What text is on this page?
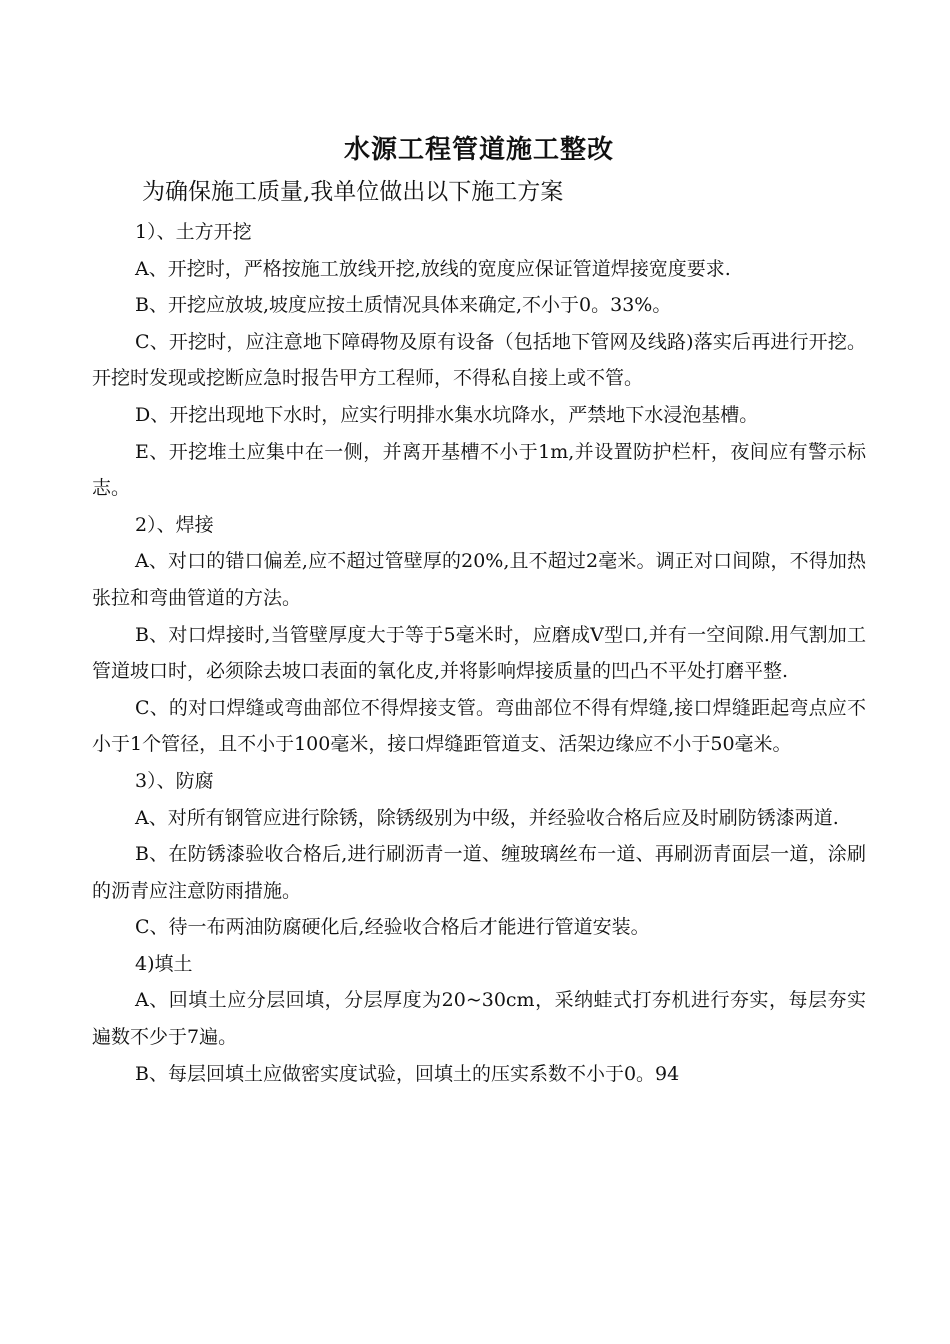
水源工程管道施工整改

为确保施工质量,我单位做出以下施工方案

1）、土方开挖

A、开挖时，严格按施工放线开挖,放线的宽度应保证管道焊接宽度要求.

B、开挖应放坡,坡度应按土质情况具体来确定,不小于0。33%。

C、开挖时，应注意地下障碍物及原有设备（包括地下管网及线路)落实后再进行开挖。开挖时发现或挖断应急时报告甲方工程师，不得私自接上或不管。

D、开挖出现地下水时，应实行明排水集水坑降水，严禁地下水浸泡基槽。

E、开挖堆土应集中在一侧，并离开基槽不小于1m,并设置防护栏杆，夜间应有警示标志。

2）、焊接

A、对口的错口偏差,应不超过管壁厚的20%,且不超过2毫米。调正对口间隙，不得加热张拉和弯曲管道的方法。

B、对口焊接时,当管壁厚度大于等于5毫米时，应磨成V型口,并有一空间隙.用气割加工管道坡口时，必须除去坡口表面的氧化皮,并将影响焊接质量的凹凸不平处打磨平整.

C、的对口焊缝或弯曲部位不得焊接支管。弯曲部位不得有焊缝,接口焊缝距起弯点应不小于1个管径，且不小于100毫米，接口焊缝距管道支、活架边缘应不小于50毫米。

3）、防腐

A、对所有钢管应进行除锈，除锈级别为中级，并经验收合格后应及时刷防锈漆两道.

B、在防锈漆验收合格后,进行刷沥青一道、缠玻璃丝布一道、再刷沥青面层一道，涂刷的沥青应注意防雨措施。

C、待一布两油防腐硬化后,经验收合格后才能进行管道安装。

4)填土

A、回填土应分层回填，分层厚度为20~30cm，采纳蛙式打夯机进行夯实，每层夯实遍数不少于7遍。

B、每层回填土应做密实度试验，回填土的压实系数不小于0。94
